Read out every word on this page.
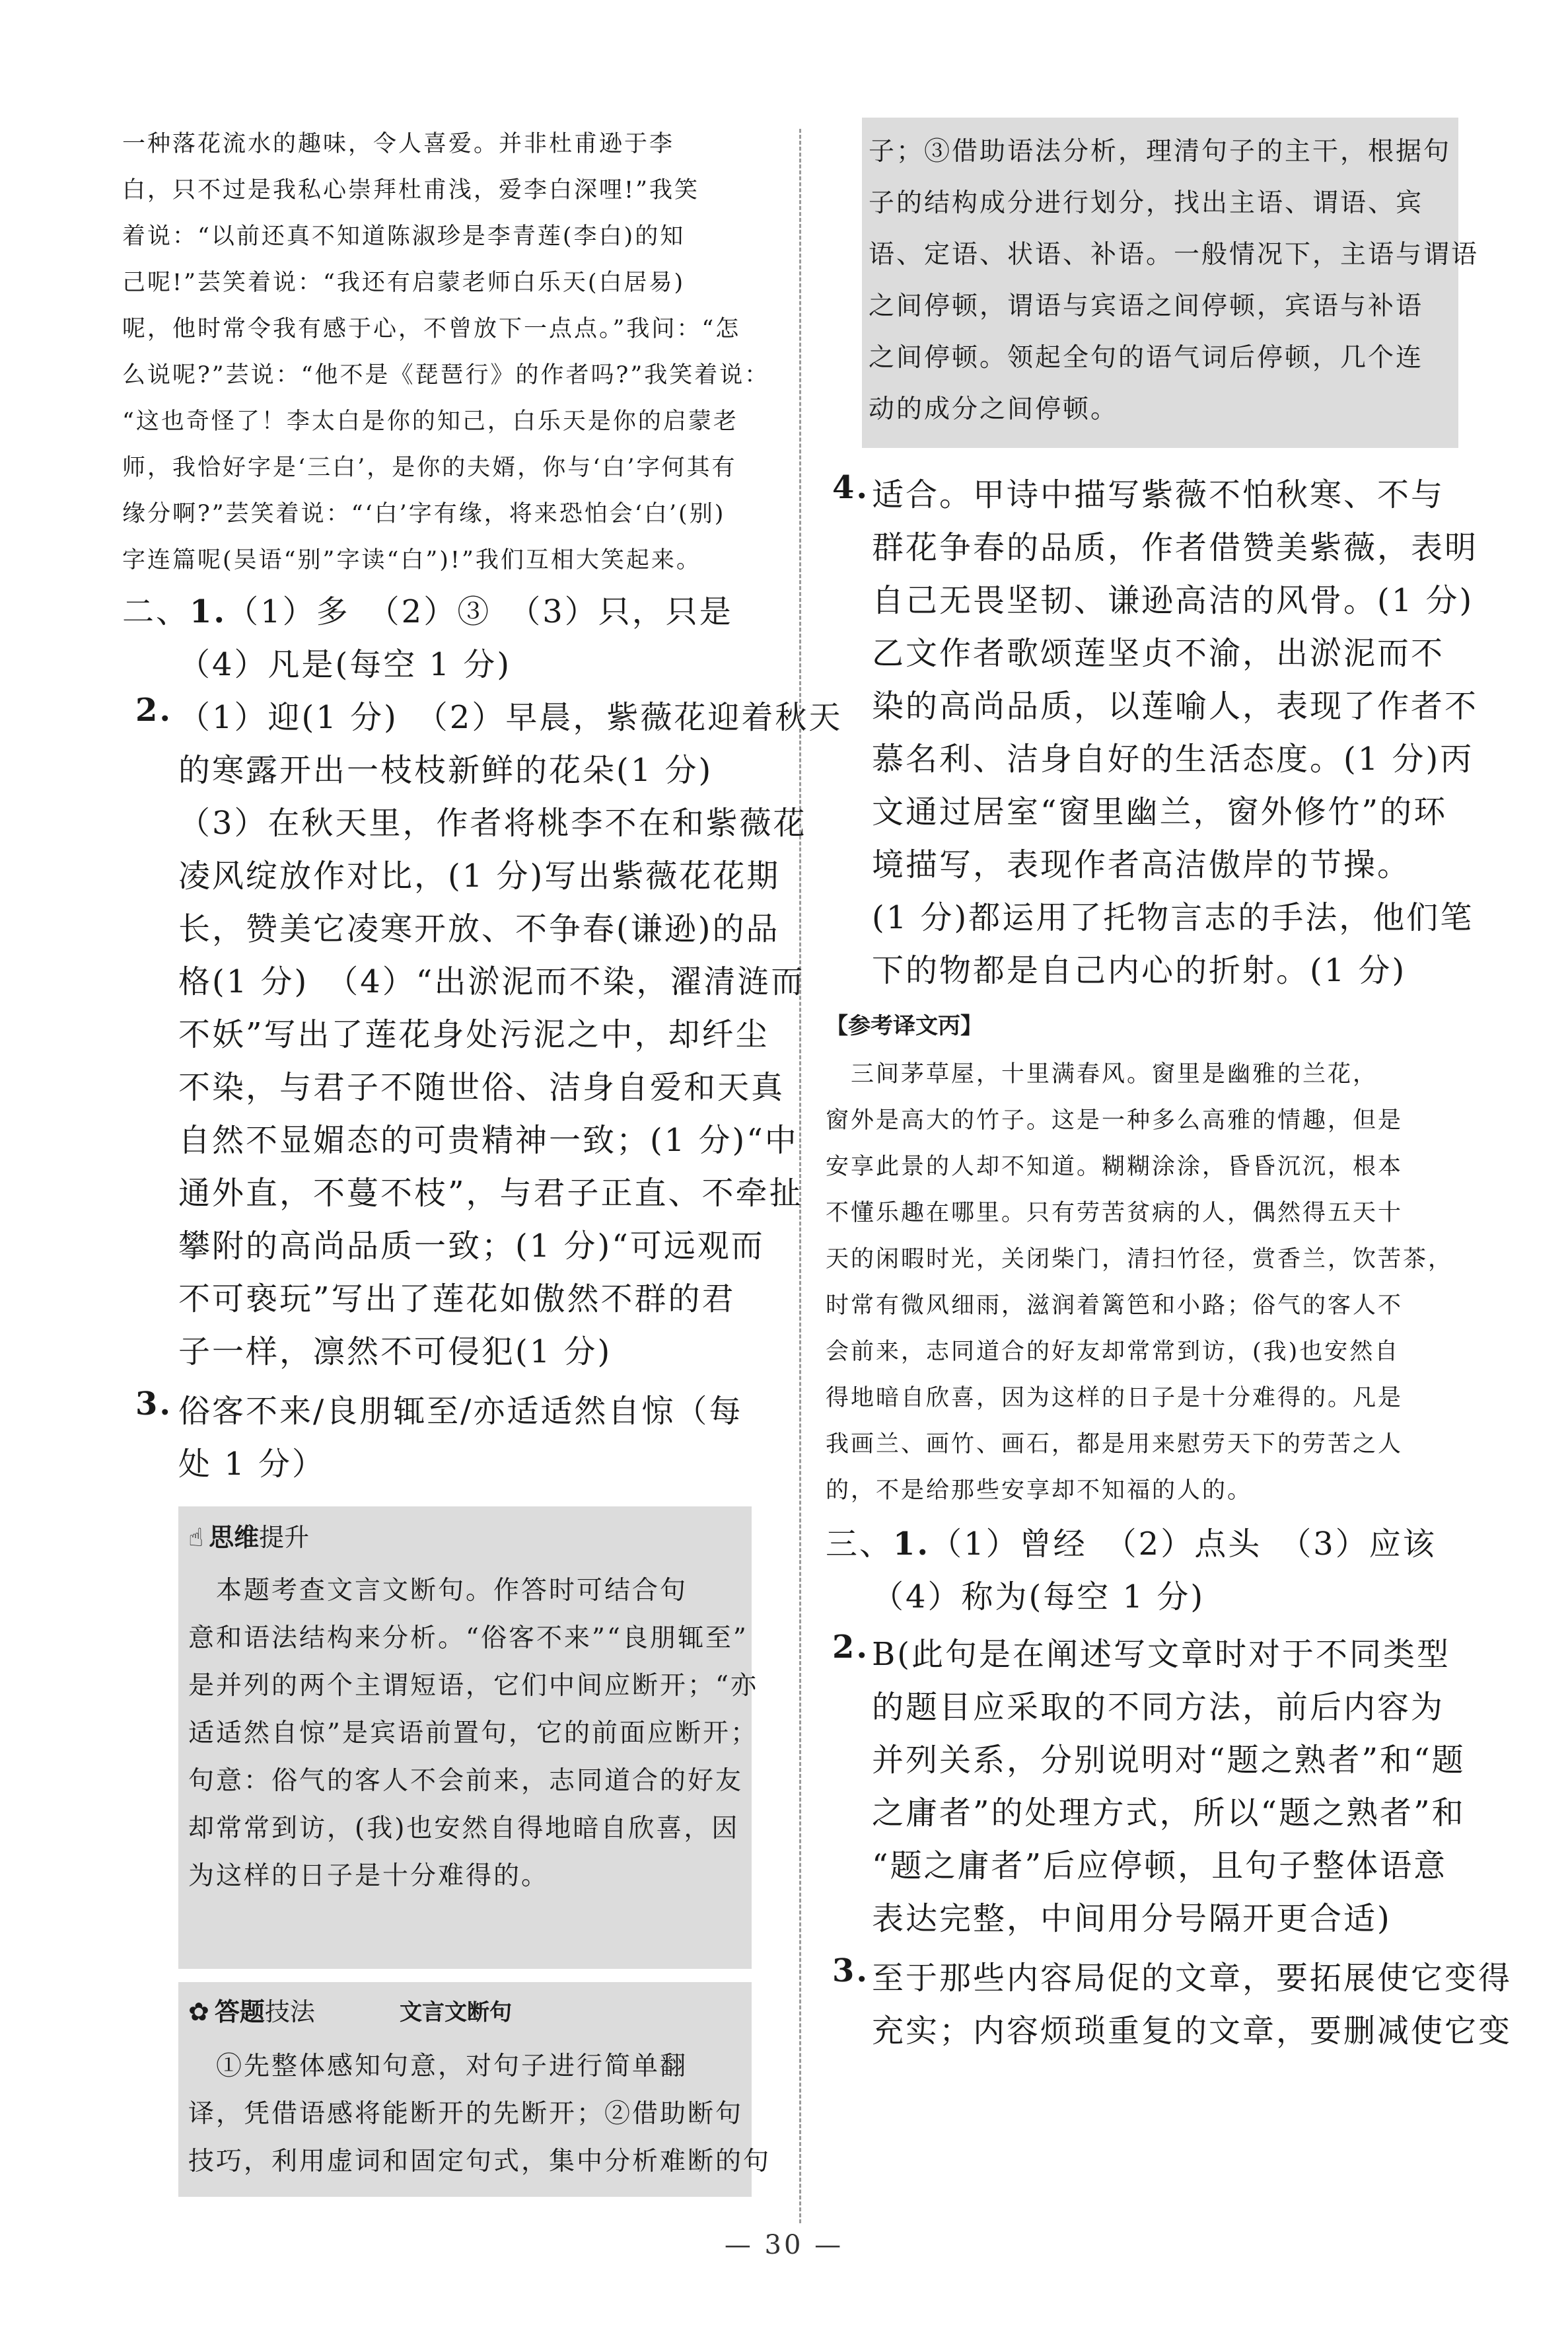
一种落花流水的趣味，令人喜爱。并非杜甫逊于李

白，只不过是我私心崇拜杜甫浅，爱李白深哩!”我笑

着说：“以前还真不知道陈淑珍是李青莲(李白)的知

己呢!”芸笑着说：“我还有启蒙老师白乐天(白居易)

呢，他时常令我有感于心，不曾放下一点点。”我问：“怎

么说呢?”芸说：“他不是《琵琶行》的作者吗?”我笑着说：

“这也奇怪了！李太白是你的知己，白乐天是你的启蒙老

师，我恰好字是‘三白’，是你的夫婿，你与‘白’字何其有

缘分啊?”芸笑着说：“‘白’字有缘，将来恐怕会‘白’(别)

字连篇呢(吴语“别”字读“白”)!”我们互相大笑起来。

二、1.（1）多　（2）③　（3）只，只是

（4）凡是(每空 1 分)

2. （1）迎(1 分)　（2）早晨，紫薇花迎着秋天

的寒露开出一枝枝新鲜的花朵(1 分)

（3）在秋天里，作者将桃李不在和紫薇花

凌风绽放作对比，(1 分)写出紫薇花花期

长，赞美它凌寒开放、不争春(谦逊)的品

格(1 分)　（4）“出淤泥而不染，濯清涟而

不妖”写出了莲花身处污泥之中，却纤尘

不染，与君子不随世俗、洁身自爱和天真

自然不显媚态的可贵精神一致；(1 分)“中

通外直，不蔓不枝”，与君子正直、不牵扯

攀附的高尚品质一致；(1 分)“可远观而

不可亵玩”写出了莲花如傲然不群的君

子一样，凛然不可侵犯(1 分)

3. 俗客不来/良朋辄至/亦适适然自惊（每

处 1 分）

☝ 思维提升

　本题考查文言文断句。作答时可结合句

意和语法结构来分析。“俗客不来”“良朋辄至”

是并列的两个主谓短语，它们中间应断开；“亦

适适然自惊”是宾语前置句，它的前面应断开；

句意：俗气的客人不会前来，志同道合的好友

却常常到访，(我)也安然自得地暗自欣喜，因

为这样的日子是十分难得的。

✿ 答题技法	文言文断句

　①先整体感知句意，对句子进行简单翻

译，凭借语感将能断开的先断开；②借助断句

技巧，利用虚词和固定句式，集中分析难断的句

子；③借助语法分析，理清句子的主干，根据句

子的结构成分进行划分，找出主语、谓语、宾

语、定语、状语、补语。一般情况下，主语与谓语

之间停顿，谓语与宾语之间停顿，宾语与补语

之间停顿。领起全句的语气词后停顿，几个连

动的成分之间停顿。

4. 适合。甲诗中描写紫薇不怕秋寒、不与

群花争春的品质，作者借赞美紫薇，表明

自己无畏坚韧、谦逊高洁的风骨。(1 分)

乙文作者歌颂莲坚贞不渝，出淤泥而不

染的高尚品质，以莲喻人，表现了作者不

慕名利、洁身自好的生活态度。(1 分)丙

文通过居室“窗里幽兰，窗外修竹”的环

境描写，表现作者高洁傲岸的节操。

(1 分)都运用了托物言志的手法，他们笔

下的物都是自己内心的折射。(1 分)

【参考译文丙】

　三间茅草屋，十里满春风。窗里是幽雅的兰花，

窗外是高大的竹子。这是一种多么高雅的情趣，但是

安享此景的人却不知道。糊糊涂涂，昏昏沉沉，根本

不懂乐趣在哪里。只有劳苦贫病的人，偶然得五天十

天的闲暇时光，关闭柴门，清扫竹径，赏香兰，饮苦茶，

时常有微风细雨，滋润着篱笆和小路；俗气的客人不

会前来，志同道合的好友却常常到访，(我)也安然自

得地暗自欣喜，因为这样的日子是十分难得的。凡是

我画兰、画竹、画石，都是用来慰劳天下的劳苦之人

的，不是给那些安享却不知福的人的。

三、1.（1）曾经　（2）点头　（3）应该

（4）称为(每空 1 分)

2. B(此句是在阐述写文章时对于不同类型

的题目应采取的不同方法，前后内容为

并列关系，分别说明对“题之熟者”和“题

之庸者”的处理方式，所以“题之熟者”和

“题之庸者”后应停顿，且句子整体语意

表达完整，中间用分号隔开更合适)

3. 至于那些内容局促的文章，要拓展使它变得

充实；内容烦琐重复的文章，要删减使它变

— 30 —
